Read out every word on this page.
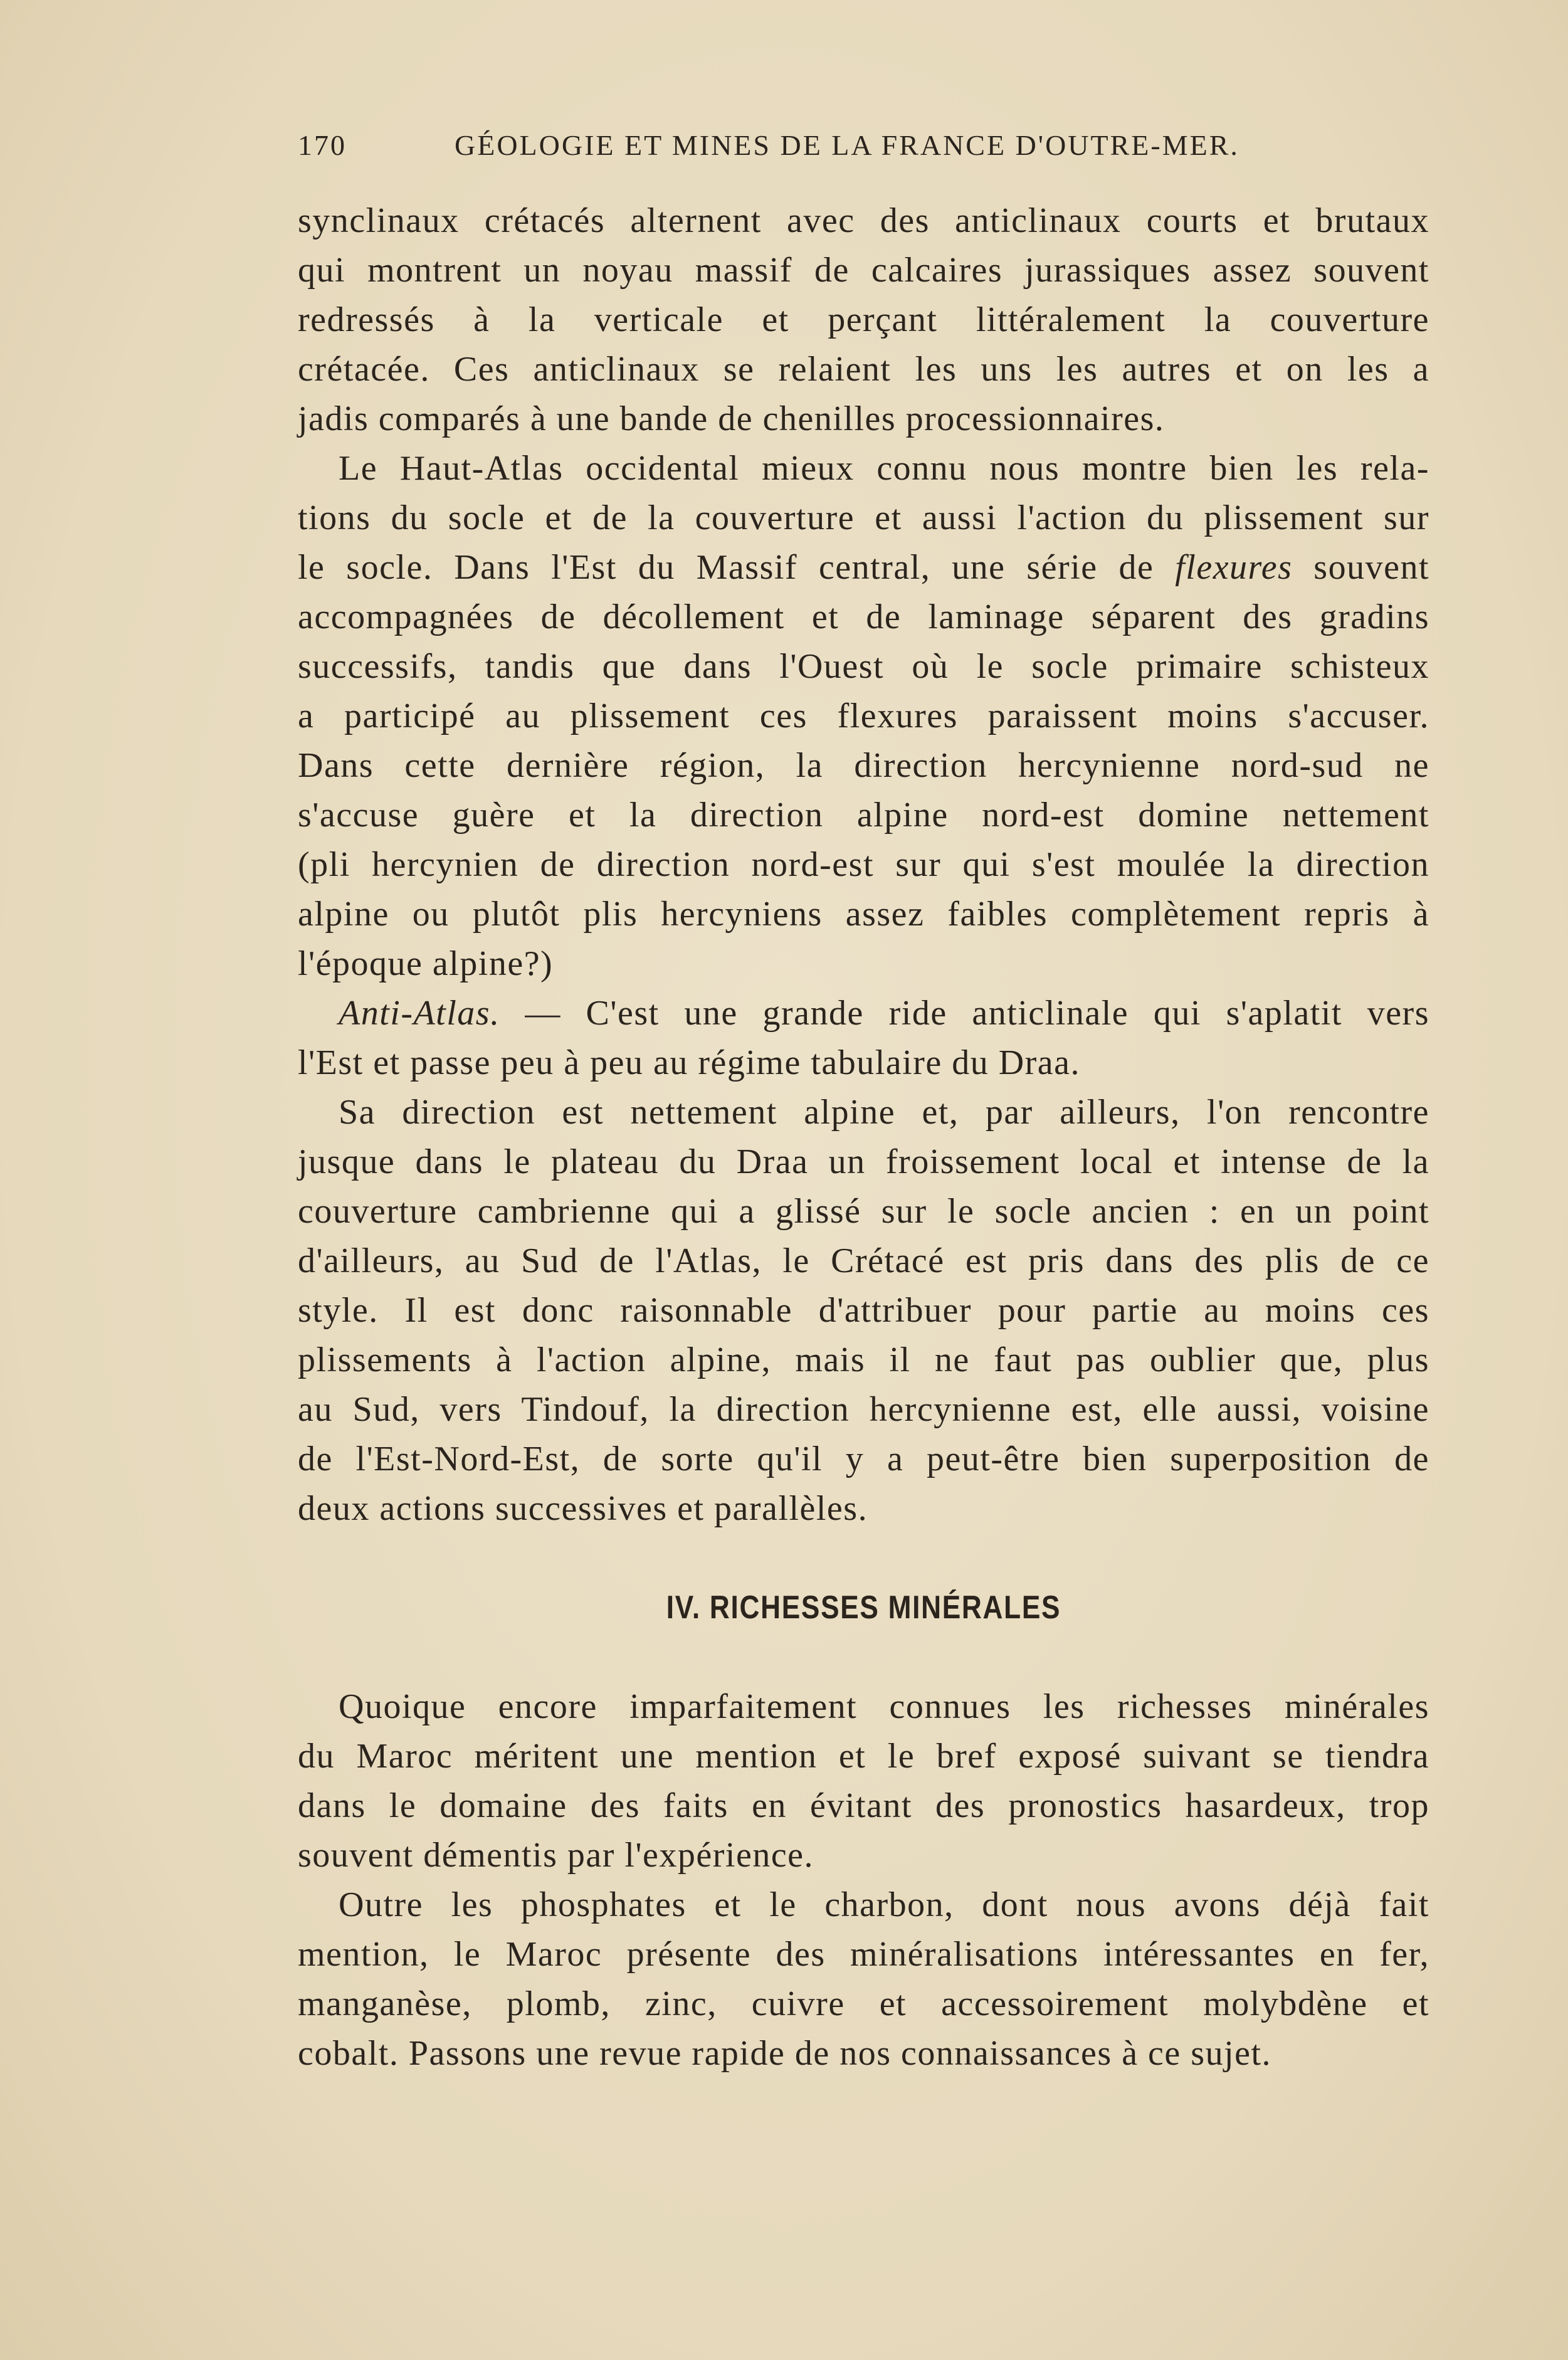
170	GÉOLOGIE ET MINES DE LA FRANCE D'OUTRE-MER.
synclinaux crétacés alternent avec des anticlinaux courts et brutaux
qui montrent un noyau massif de calcaires jurassiques assez souvent
redressés à la verticale et perçant littéralement la couverture
crétacée. Ces anticlinaux se relaient les uns les autres et on les a
jadis comparés à une bande de chenilles processionnaires.
Le Haut-Atlas occidental mieux connu nous montre bien les rela-
tions du socle et de la couverture et aussi l'action du plissement sur
le socle. Dans l'Est du Massif central, une série de flexures souvent
accompagnées de décollement et de laminage séparent des gradins
successifs, tandis que dans l'Ouest où le socle primaire schisteux
a participé au plissement ces flexures paraissent moins s'accuser.
Dans cette dernière région, la direction hercynienne nord-sud ne
s'accuse guère et la direction alpine nord-est domine nettement
(pli hercynien de direction nord-est sur qui s'est moulée la direction
alpine ou plutôt plis hercyniens assez faibles complètement repris à
l'époque alpine?)
Anti-Atlas. — C'est une grande ride anticlinale qui s'aplatit vers
l'Est et passe peu à peu au régime tabulaire du Draa.
Sa direction est nettement alpine et, par ailleurs, l'on rencontre
jusque dans le plateau du Draa un froissement local et intense de la
couverture cambrienne qui a glissé sur le socle ancien : en un point
d'ailleurs, au Sud de l'Atlas, le Crétacé est pris dans des plis de ce
style. Il est donc raisonnable d'attribuer pour partie au moins ces
plissements à l'action alpine, mais il ne faut pas oublier que, plus
au Sud, vers Tindouf, la direction hercynienne est, elle aussi, voisine
de l'Est-Nord-Est, de sorte qu'il y a peut-être bien superposition de
deux actions successives et parallèles.
IV. RICHESSES MINÉRALES
Quoique encore imparfaitement connues les richesses minérales
du Maroc méritent une mention et le bref exposé suivant se tiendra
dans le domaine des faits en évitant des pronostics hasardeux, trop
souvent démentis par l'expérience.
Outre les phosphates et le charbon, dont nous avons déjà fait
mention, le Maroc présente des minéralisations intéressantes en fer,
manganèse, plomb, zinc, cuivre et accessoirement molybdène et
cobalt. Passons une revue rapide de nos connaissances à ce sujet.
